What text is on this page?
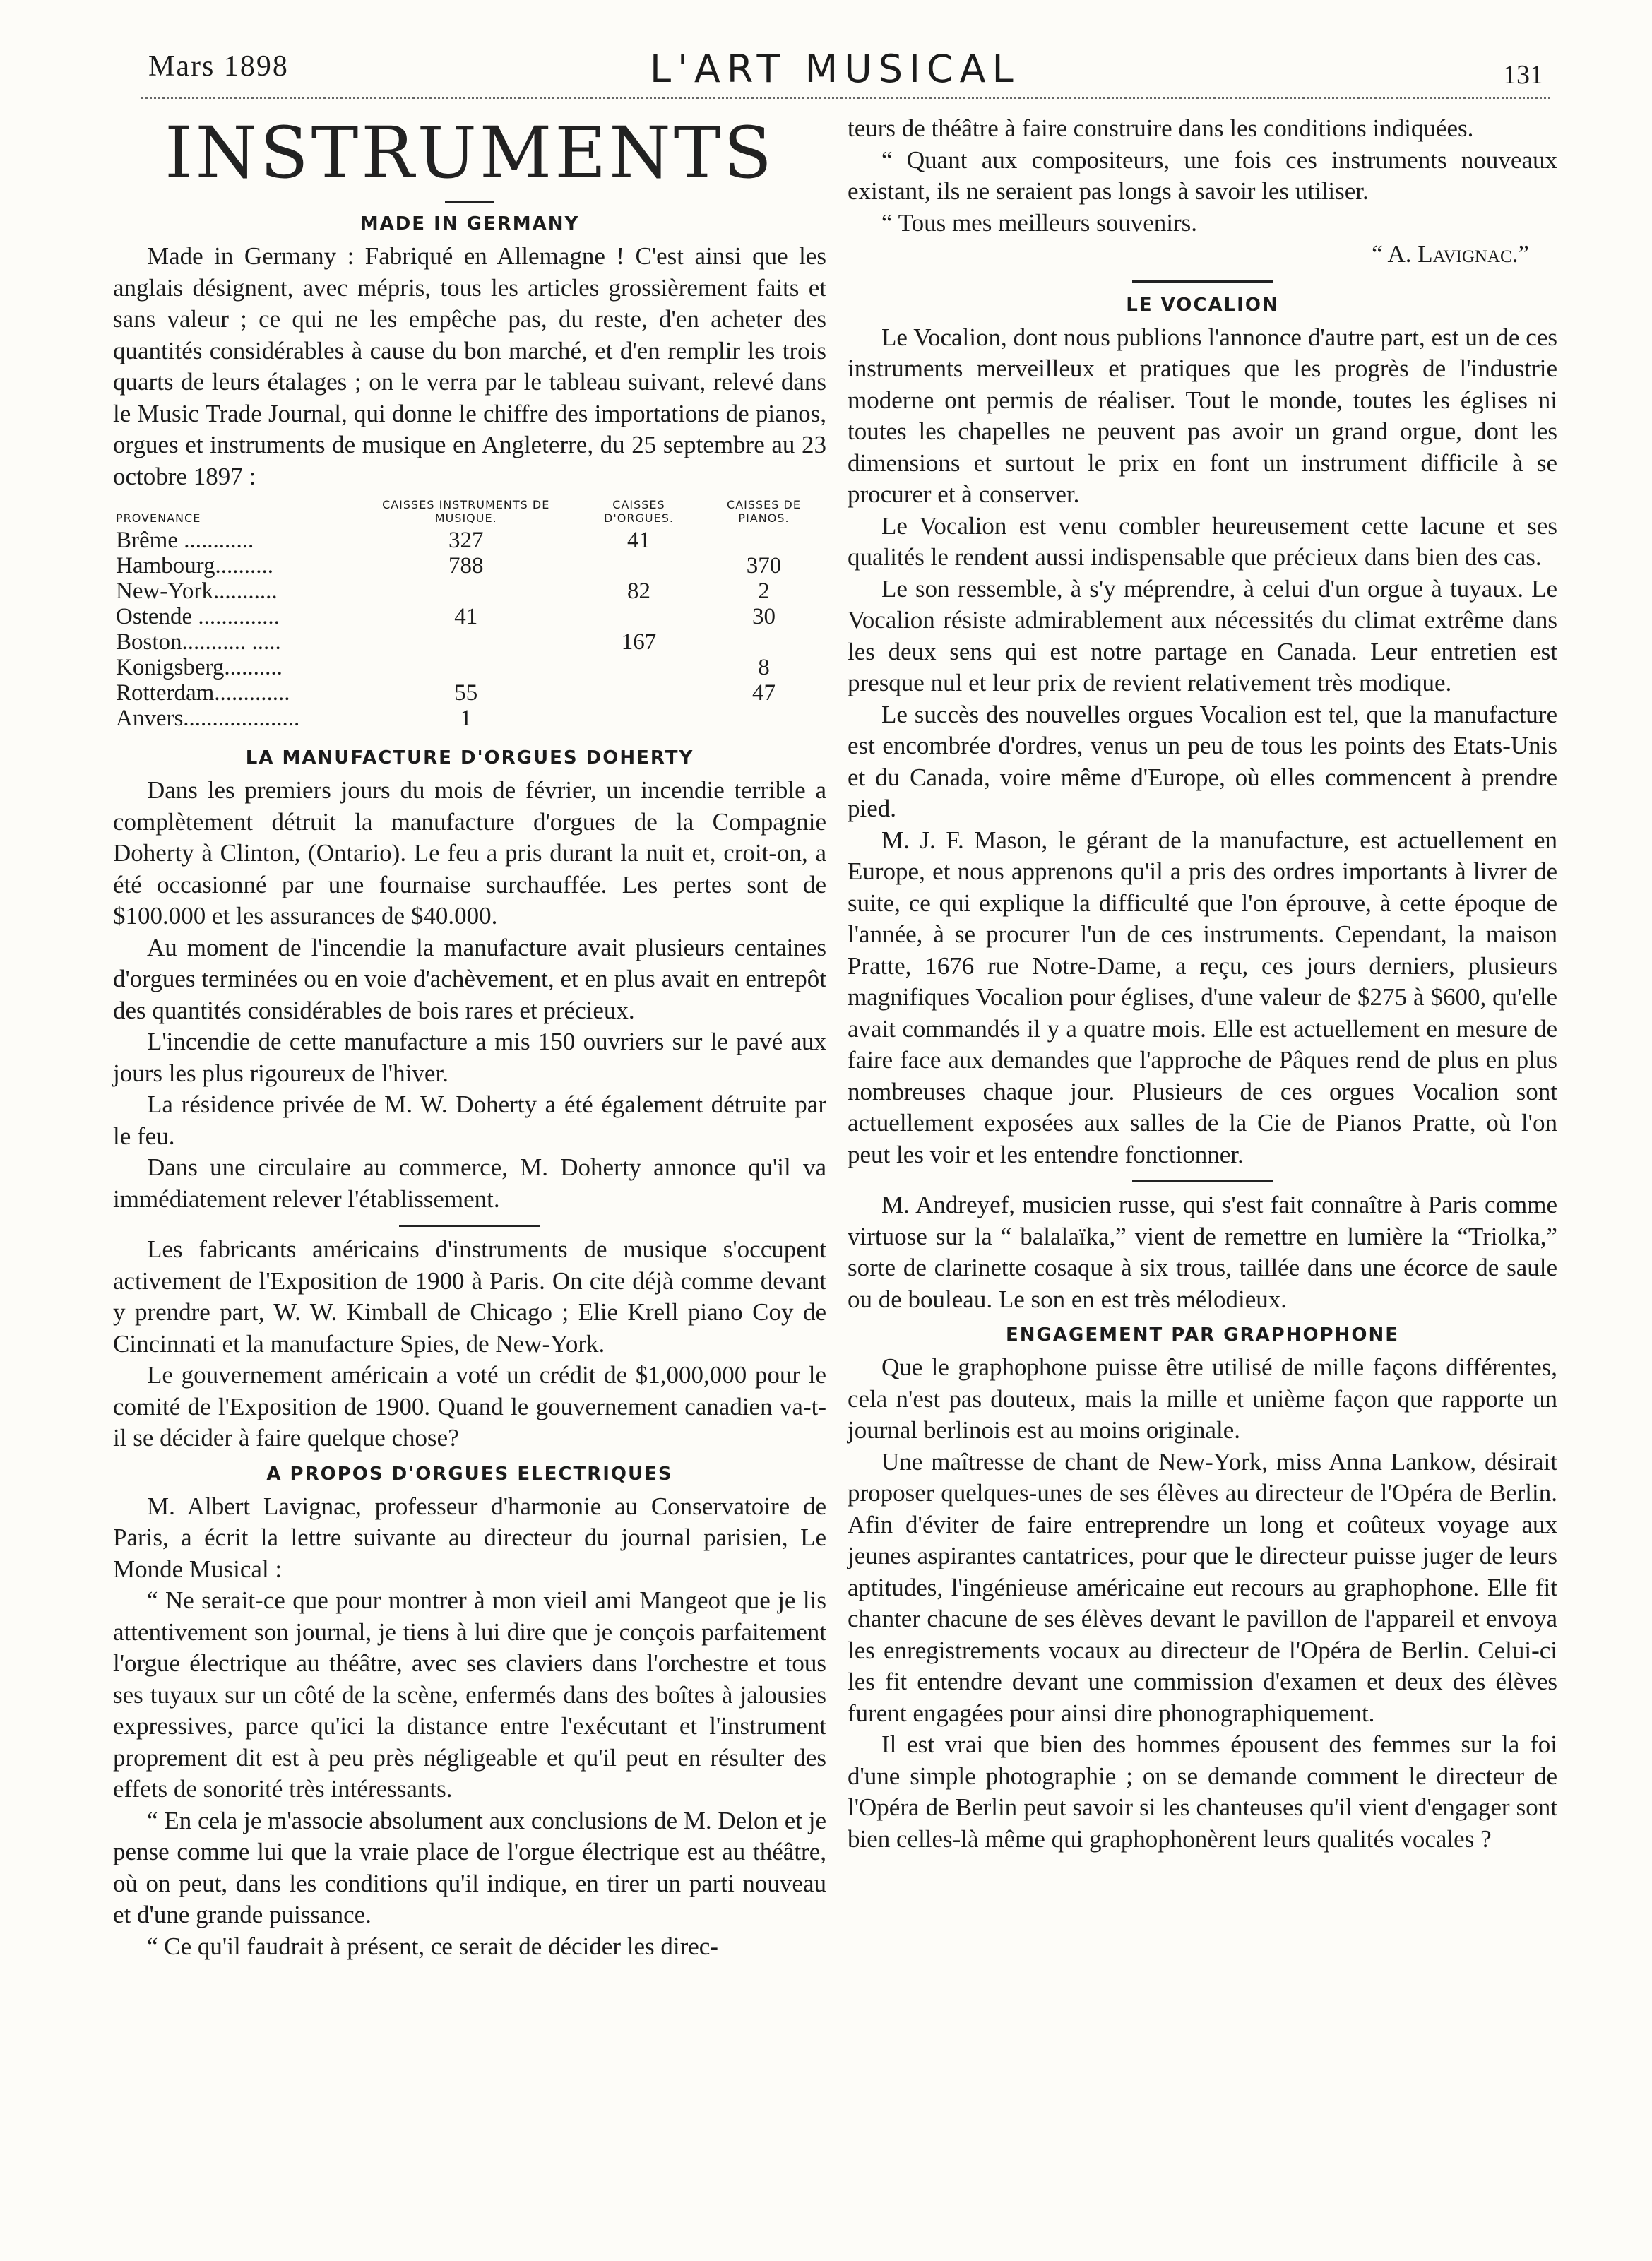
Mars 1898	L'ART MUSICAL	131
INSTRUMENTS
MADE IN GERMANY

Made in Germany : Fabriqué en Allemagne ! C'est ainsi que les anglais désignent, avec mépris, tous les articles grossièrement faits et sans valeur ; ce qui ne les empêche pas, du reste, d'en acheter des quantités considérables à cause du bon marché, et d'en remplir les trois quarts de leurs étalages ; on le verra par le tableau suivant, relevé dans le Music Trade Journal, qui donne le chiffre des importations de pianos, orgues et instruments de musique en Angleterre, du 25 septembre au 23 octobre 1897 :

PROVENANCE	CAISSES INSTRUMENTS DE MUSIQUE.	CAISSES D'ORGUES.	CAISSES DE PIANOS.
Brême ............	327	41	
Hambourg..........	788		370
New-York...........		82	2
Ostende ..............	41		30
Boston........... .....		167	
Konigsberg..........			8
Rotterdam.............	55		47
Anvers....................	1		
LA MANUFACTURE D'ORGUES DOHERTY

Dans les premiers jours du mois de février, un incendie terrible a complètement détruit la manufacture d'orgues de la Compagnie Doherty à Clinton, (Ontario). Le feu a pris durant la nuit et, croit-on, a été occasionné par une fournaise surchauffée. Les pertes sont de $100.000 et les assurances de $40.000.

Au moment de l'incendie la manufacture avait plusieurs centaines d'orgues terminées ou en voie d'achèvement, et en plus avait en entrepôt des quantités considérables de bois rares et précieux.

L'incendie de cette manufacture a mis 150 ouvriers sur le pavé aux jours les plus rigoureux de l'hiver.

La résidence privée de M. W. Doherty a été également détruite par le feu.

Dans une circulaire au commerce, M. Doherty annonce qu'il va immédiatement relever l'établissement.

Les fabricants américains d'instruments de musique s'occupent activement de l'Exposition de 1900 à Paris. On cite déjà comme devant y prendre part, W. W. Kimball de Chicago ; Elie Krell piano Coy de Cincinnati et la manufacture Spies, de New-York.

Le gouvernement américain a voté un crédit de $1,000,000 pour le comité de l'Exposition de 1900. Quand le gouvernement canadien va-t-il se décider à faire quelque chose?

A PROPOS D'ORGUES ELECTRIQUES

M. Albert Lavignac, professeur d'harmonie au Conservatoire de Paris, a écrit la lettre suivante au directeur du journal parisien, Le Monde Musical :

“ Ne serait-ce que pour montrer à mon vieil ami Mangeot que je lis attentivement son journal, je tiens à lui dire que je conçois parfaitement l'orgue électrique au théâtre, avec ses claviers dans l'orchestre et tous ses tuyaux sur un côté de la scène, enfermés dans des boîtes à jalousies expressives, parce qu'ici la distance entre l'exécutant et l'instrument proprement dit est à peu près négligeable et qu'il peut en résulter des effets de sonorité très intéressants.

“ En cela je m'associe absolument aux conclusions de M. Delon et je pense comme lui que la vraie place de l'orgue électrique est au théâtre, où on peut, dans les conditions qu'il indique, en tirer un parti nouveau et d'une grande puissance.

“ Ce qu'il faudrait à présent, ce serait de décider les direc-

teurs de théâtre à faire construire dans les conditions indiquées.

“ Quant aux compositeurs, une fois ces instruments nouveaux existant, ils ne seraient pas longs à savoir les utiliser.

“ Tous mes meilleurs souvenirs.

“ A. Lavignac.”
LE VOCALION

Le Vocalion, dont nous publions l'annonce d'autre part, est un de ces instruments merveilleux et pratiques que les progrès de l'industrie moderne ont permis de réaliser. Tout le monde, toutes les églises ni toutes les chapelles ne peuvent pas avoir un grand orgue, dont les dimensions et surtout le prix en font un instrument difficile à se procurer et à conserver.

Le Vocalion est venu combler heureusement cette lacune et ses qualités le rendent aussi indispensable que précieux dans bien des cas.

Le son ressemble, à s'y méprendre, à celui d'un orgue à tuyaux. Le Vocalion résiste admirablement aux nécessités du climat extrême dans les deux sens qui est notre partage en Canada. Leur entretien est presque nul et leur prix de revient relativement très modique.

Le succès des nouvelles orgues Vocalion est tel, que la manufacture est encombrée d'ordres, venus un peu de tous les points des Etats-Unis et du Canada, voire même d'Europe, où elles commencent à prendre pied.

M. J. F. Mason, le gérant de la manufacture, est actuellement en Europe, et nous apprenons qu'il a pris des ordres importants à livrer de suite, ce qui explique la difficulté que l'on éprouve, à cette époque de l'année, à se procurer l'un de ces instruments. Cependant, la maison Pratte, 1676 rue Notre-Dame, a reçu, ces jours derniers, plusieurs magnifiques Vocalion pour églises, d'une valeur de $275 à $600, qu'elle avait commandés il y a quatre mois. Elle est actuellement en mesure de faire face aux demandes que l'approche de Pâques rend de plus en plus nombreuses chaque jour. Plusieurs de ces orgues Vocalion sont actuellement exposées aux salles de la Cie de Pianos Pratte, où l'on peut les voir et les entendre fonctionner.

M. Andreyef, musicien russe, qui s'est fait connaître à Paris comme virtuose sur la “ balalaïka,” vient de remettre en lumière la “Triolka,” sorte de clarinette cosaque à six trous, taillée dans une écorce de saule ou de bouleau. Le son en est très mélodieux.

ENGAGEMENT PAR GRAPHOPHONE

Que le graphophone puisse être utilisé de mille façons différentes, cela n'est pas douteux, mais la mille et unième façon que rapporte un journal berlinois est au moins originale.

Une maîtresse de chant de New-York, miss Anna Lankow, désirait proposer quelques-unes de ses élèves au directeur de l'Opéra de Berlin. Afin d'éviter de faire entreprendre un long et coûteux voyage aux jeunes aspirantes cantatrices, pour que le directeur puisse juger de leurs aptitudes, l'ingénieuse américaine eut recours au graphophone. Elle fit chanter chacune de ses élèves devant le pavillon de l'appareil et envoya les enregistrements vocaux au directeur de l'Opéra de Berlin. Celui-ci les fit entendre devant une commission d'examen et deux des élèves furent engagées pour ainsi dire phonographiquement.

Il est vrai que bien des hommes épousent des femmes sur la foi d'une simple photographie ; on se demande comment le directeur de l'Opéra de Berlin peut savoir si les chanteuses qu'il vient d'engager sont bien celles-là même qui graphophonèrent leurs qualités vocales ?
